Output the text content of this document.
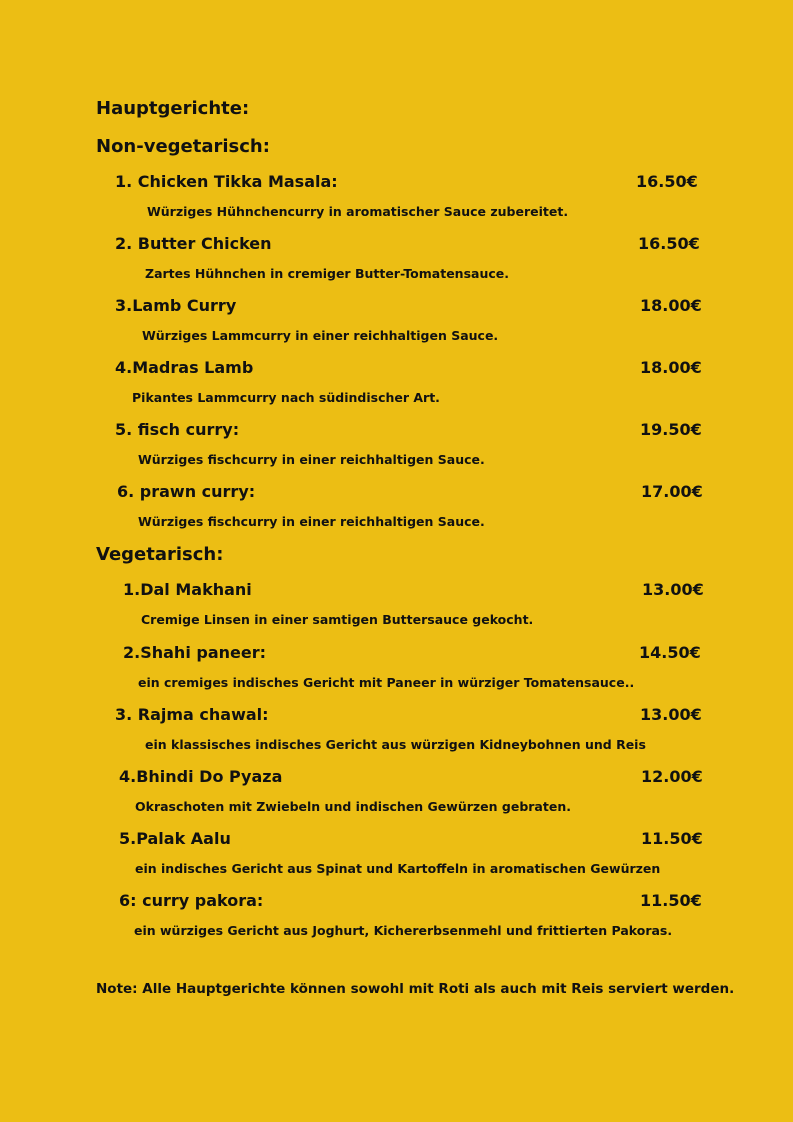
Hauptgerichte:
Non-vegetarisch:
1. Chicken Tikka Masala:	16.50€
Würziges Hühnchencurry in aromatischer Sauce zubereitet.
2. Butter Chicken	16.50€
Zartes Hühnchen in cremiger Butter-Tomatensauce.
3.Lamb Curry	18.00€
Würziges Lammcurry in einer reichhaltigen Sauce.
4.Madras Lamb	18.00€
Pikantes Lammcurry nach südindischer Art.
5. fisch curry:	19.50€
Würziges fischcurry in einer reichhaltigen Sauce.
6. prawn curry:	17.00€
Würziges fischcurry in einer reichhaltigen Sauce.
Vegetarisch:
1.Dal Makhani	13.00€
Cremige Linsen in einer samtigen Buttersauce gekocht.
2.Shahi paneer:	14.50€
ein cremiges indisches Gericht mit Paneer in würziger Tomatensauce..
3. Rajma chawal:	13.00€
ein klassisches indisches Gericht aus würzigen Kidneybohnen und Reis
4.Bhindi Do Pyaza	12.00€
Okraschoten mit Zwiebeln und indischen Gewürzen gebraten.
5.Palak Aalu	11.50€
ein indisches Gericht aus Spinat und Kartoffeln in aromatischen Gewürzen
6: curry pakora:	11.50€
ein würziges Gericht aus Joghurt, Kichererbsenmehl und frittierten Pakoras.
Note: Alle Hauptgerichte können sowohl mit Roti als auch mit Reis serviert werden.
